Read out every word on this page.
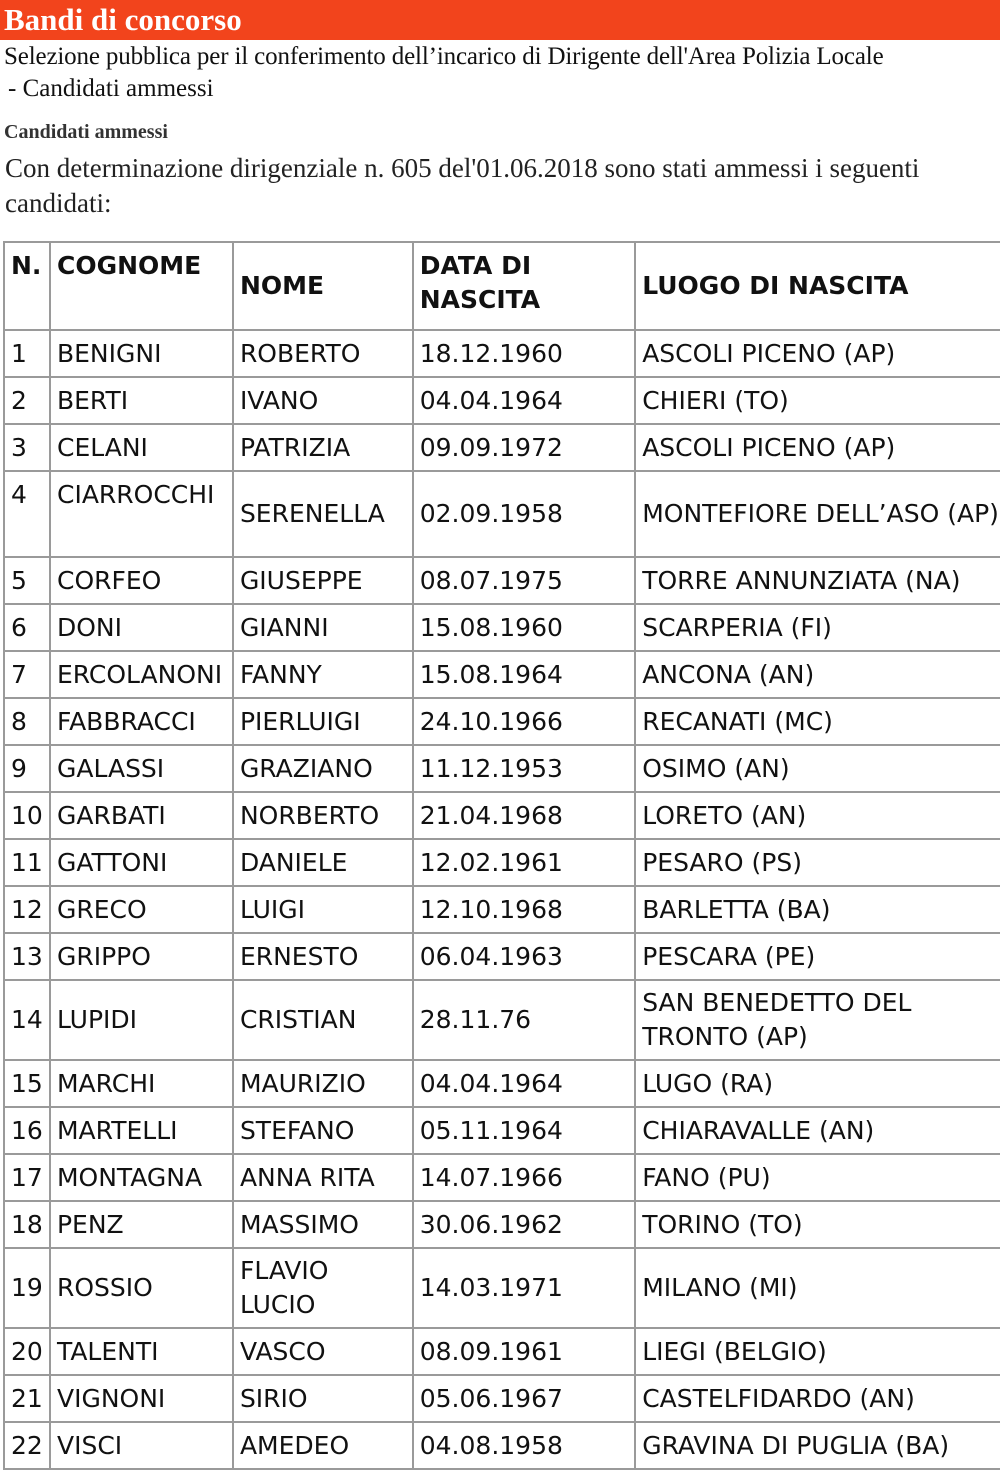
Bandi di concorso
Selezione pubblica per il conferimento dell’incarico di Dirigente dell'Area Polizia Locale
- Candidati ammessi
Candidati ammessi
Con determinazione dirigenziale n. 605 del'01.06.2018 sono stati ammessi i seguenti candidati:
N.	COGNOME	NOME	DATA DI NASCITA	LUOGO DI NASCITA
1	BENIGNI	ROBERTO	18.12.1960	ASCOLI PICENO (AP)
2	BERTI	IVANO	04.04.1964	CHIERI (TO)
3	CELANI	PATRIZIA	09.09.1972	ASCOLI PICENO (AP)
4	CIARROCCHI	SERENELLA	02.09.1958	MONTEFIORE DELL’ASO (AP)
5	CORFEO	GIUSEPPE	08.07.1975	TORRE ANNUNZIATA (NA)
6	DONI	GIANNI	15.08.1960	SCARPERIA (FI)
7	ERCOLANONI	FANNY	15.08.1964	ANCONA (AN)
8	FABBRACCI	PIERLUIGI	24.10.1966	RECANATI (MC)
9	GALASSI	GRAZIANO	11.12.1953	OSIMO (AN)
10	GARBATI	NORBERTO	21.04.1968	LORETO (AN)
11	GATTONI	DANIELE	12.02.1961	PESARO (PS)
12	GRECO	LUIGI	12.10.1968	BARLETTA (BA)
13	GRIPPO	ERNESTO	06.04.1963	PESCARA (PE)
14	LUPIDI	CRISTIAN	28.11.76	SAN BENEDETTO DEL TRONTO (AP)
15	MARCHI	MAURIZIO	04.04.1964	LUGO (RA)
16	MARTELLI	STEFANO	05.11.1964	CHIARAVALLE (AN)
17	MONTAGNA	ANNA RITA	14.07.1966	FANO (PU)
18	PENZ	MASSIMO	30.06.1962	TORINO (TO)
19	ROSSIO	FLAVIO LUCIO	14.03.1971	MILANO (MI)
20	TALENTI	VASCO	08.09.1961	LIEGI (BELGIO)
21	VIGNONI	SIRIO	05.06.1967	CASTELFIDARDO (AN)
22	VISCI	AMEDEO	04.08.1958	GRAVINA DI PUGLIA (BA)
